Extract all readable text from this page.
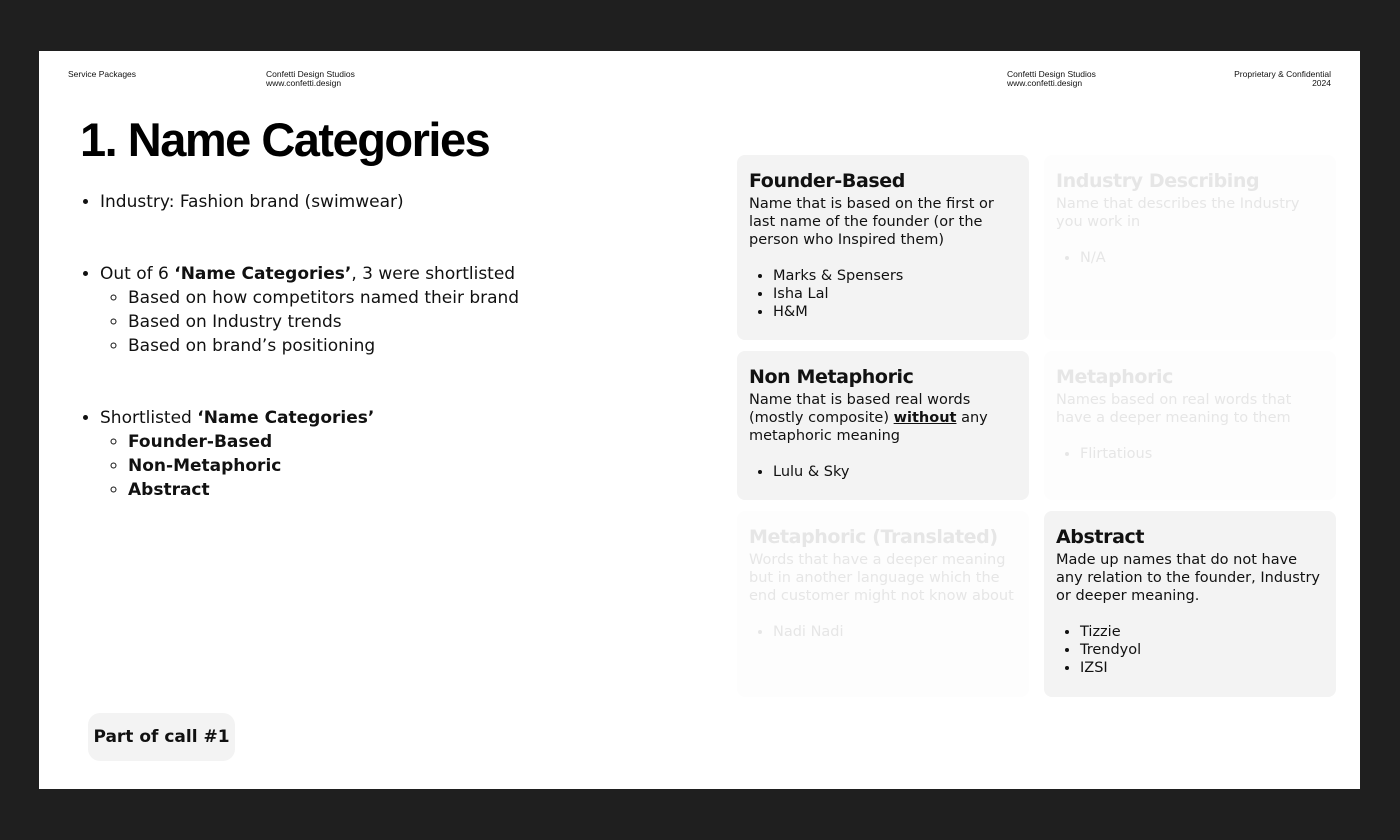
Service Packages	Confetti Design Studios
www.confetti.design
Confetti Design Studios
www.confetti.design
Proprietary & Confidential
2024
1. Name Categories
• Industry: Fashion brand (swimwear)
• Out of 6 ‘Name Categories’, 3 were shortlisted
◦ Based on how competitors named their brand
◦ Based on Industry trends
◦ Based on brand’s positioning
• Shortlisted ‘Name Categories’
◦ Founder-Based
◦ Non-Metaphoric
◦ Abstract
Part of call #1

Founder-Based

Name that is based on the first or last name of the founder (or the person who Inspired them)

• Marks & Spensers
• Isha Lal
• H&M

Industry Describing

Name that describes the Industry you work in

• N/A

Non Metaphoric

Name that is based real words (mostly composite) without any metaphoric meaning

• Lulu & Sky

Metaphoric

Names based on real words that have a deeper meaning to them

• Flirtatious

Metaphoric (Translated)

Words that have a deeper meaning but in another language which the end customer might not know about

• Nadi Nadi

Abstract

Made up names that do not have any relation to the founder, Industry or deeper meaning.

• Tizzie
• Trendyol
• IZSI
